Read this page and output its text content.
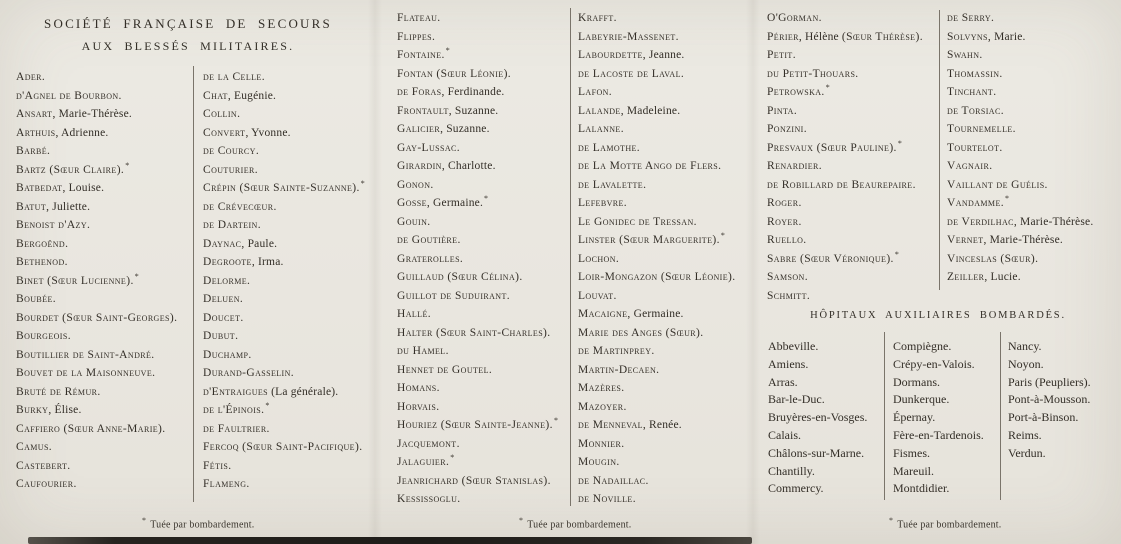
SOCIÉTÉ FRANÇAISE DE SECOURS
AUX BLESSÉS MILITAIRES.
Ader.
d'Agnel de Bourbon.
Ansart, Marie-Thérèse.
Arthuis, Adrienne.
Barbé.
Bartz (Sœur Claire).*
Batbedat, Louise.
Batut, Juliette.
Benoist d'Azy.
Bergoënd.
Bethenod.
Binet (Sœur Lucienne).*
Boubée.
Bourdet (Sœur Saint-Georges).
Bourgeois.
Boutillier de Saint-André.
Bouvet de la Maisonneuve.
Bruté de Rémur.
Burky, Élise.
Caffiero (Sœur Anne-Marie).
Camus.
Castebert.
Caufourier.
de la Celle.
Chat, Eugénie.
Collin.
Convert, Yvonne.
de Courcy.
Couturier.
Crépin (Sœur Sainte-Suzanne).*
de Crévecœur.
de Dartein.
Daynac, Paule.
Degroote, Irma.
Delorme.
Deluen.
Doucet.
Dubut.
Duchamp.
Durand-Gasselin.
d'Entraigues (La générale).
de l'Épinois.*
de Faultrier.
Fercoq (Sœur Saint-Pacifique).
Fétis.
Flameng.
Flateau.
Flippes.
Fontaine.*
Fontan (Sœur Léonie).
de Foras, Ferdinande.
Frontault, Suzanne.
Galicier, Suzanne.
Gay-Lussac.
Girardin, Charlotte.
Gonon.
Gosse, Germaine.*
Gouin.
de Goutière.
Graterolles.
Guillaud (Sœur Célina).
Guillot de Suduirant.
Hallé.
Halter (Sœur Saint-Charles).
du Hamel.
Hennet de Goutel.
Homans.
Horvais.
Houriez (Sœur Sainte-Jeanne).*
Jacquemont.
Jalaguier.*
Jeanrichard (Sœur Stanislas).
Kessissoglu.
Krafft.
Labeyrie-Massenet.
Labourdette, Jeanne.
de Lacoste de Laval.
Lafon.
Lalande, Madeleine.
Lalanne.
de Lamothe.
de La Motte Ango de Flers.
de Lavalette.
Lefebvre.
Le Gonidec de Tressan.
Linster (Sœur Marguerite).*
Lochon.
Loir-Mongazon (Sœur Léonie).
Louvat.
Macaigne, Germaine.
Marie des Anges (Sœur).
de Martinprey.
Martin-Decaen.
Mazères.
Mazoyer.
de Menneval, Renée.
Monnier.
Mougin.
de Nadaillac.
de Noville.
O'Gorman.
Périer, Hélène (Sœur Thérèse).
Petit.
du Petit-Thouars.
Petrowska.*
Pinta.
Ponzini.
Presvaux (Sœur Pauline).*
Renardier.
de Robillard de Beaurepaire.
Roger.
Royer.
Ruello.
Sabre (Sœur Véronique).*
Samson.
Schmitt.
de Serry.
Solvyns, Marie.
Swahn.
Thomassin.
Tinchant.
de Torsiac.
Tournemelle.
Tourtelot.
Vagnair.
Vaillant de Guélis.
Vandamme.*
de Verdilhac, Marie-Thérèse.
Vernet, Marie-Thérèse.
Vinceslas (Sœur).
Zeiller, Lucie.
HÔPITAUX AUXILIAIRES BOMBARDÉS.
Abbeville.
Amiens.
Arras.
Bar-le-Duc.
Bruyères-en-Vosges.
Calais.
Châlons-sur-Marne.
Chantilly.
Commercy.
Compiègne.
Crépy-en-Valois.
Dormans.
Dunkerque.
Épernay.
Fère-en-Tardenois.
Fismes.
Mareuil.
Montdidier.
Nancy.
Noyon.
Paris (Peupliers).
Pont-à-Mousson.
Port-à-Binson.
Reims.
Verdun.
* Tuée par bombardement.	* Tuée par bombardement.	* Tuée par bombardement.
